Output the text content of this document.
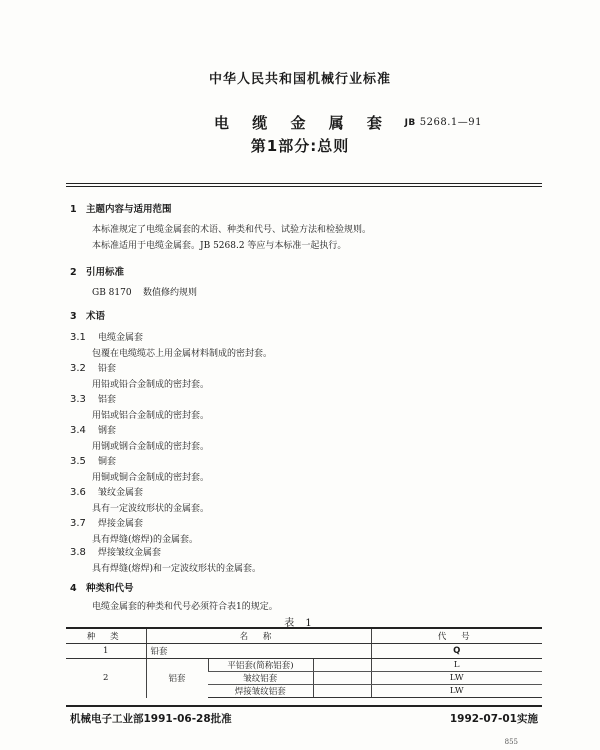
中华人民共和国机械行业标准
电 缆 金 属 套	JB 5268.1—91
第1部分:总则
1 主题内容与适用范围
本标准规定了电缆金属套的术语、种类和代号、试验方法和检验规则。
本标准适用于电缆金属套。JB 5268.2 等应与本标准一起执行。
2 引用标准
GB 8170    数值修约规则
3 术语
3.1 电缆金属套
包覆在电缆缆芯上用金属材料制成的密封套。
3.2 铅套
用铅或铅合金制成的密封套。
3.3 铝套
用铝或铝合金制成的密封套。
3.4 钢套
用钢或钢合金制成的密封套。
3.5 铜套
用铜或铜合金制成的密封套。
3.6 皱纹金属套
具有一定波纹形状的金属套。
3.7 焊接金属套
具有焊缝(熔焊)的金属套。
3.8 焊接皱纹金属套
具有焊缝(熔焊)和一定波纹形状的金属套。
4 种类和代号
电缆金属套的种类和代号必须符合表1的规定。
表 1
种 类	名 称			代 号
1	铅套			Q
2	铝套	平铝套(简称铝套)		L
		皱纹铝套		LW
		焊接皱纹铝套		LW
机械电子工业部1991-06-28批准	1992-07-01实施
855
